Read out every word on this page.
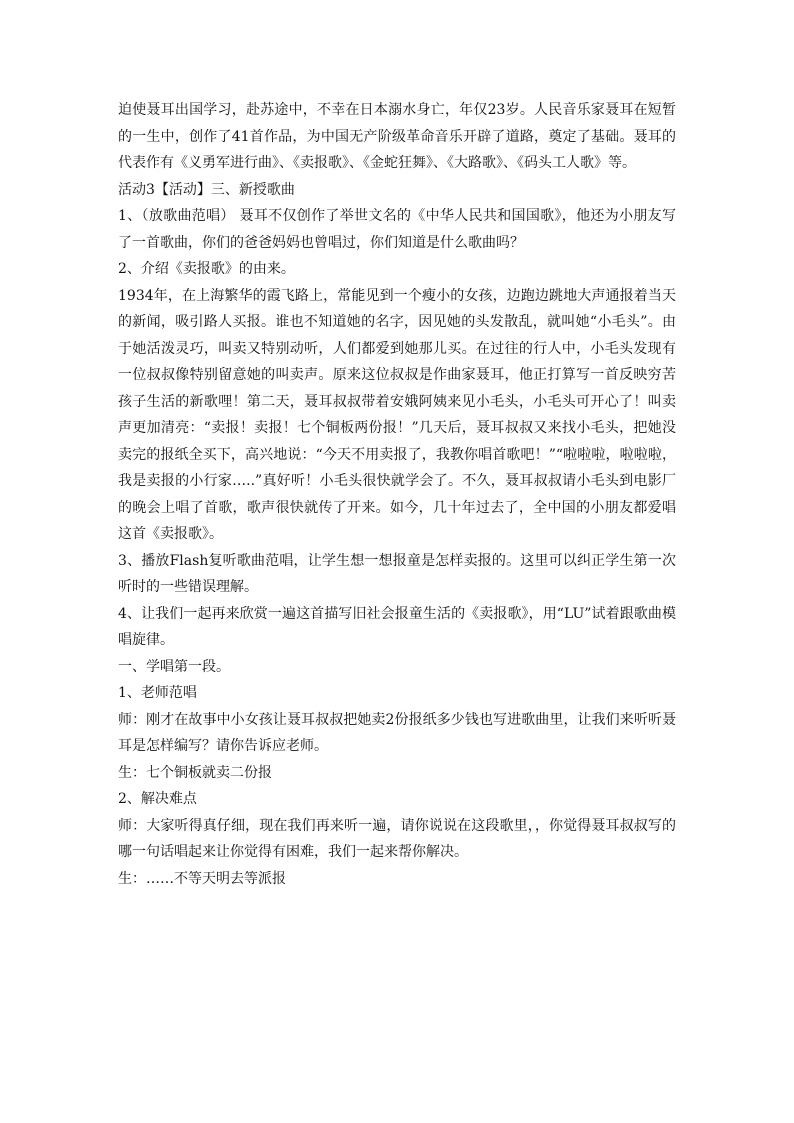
迫使聂耳出国学习，赴苏途中，不幸在日本溺水身亡，年仅23岁。人民音乐家聂耳在短暂的一生中，创作了41首作品，为中国无产阶级革命音乐开辟了道路，奠定了基础。聂耳的代表作有《义勇军进行曲》、《卖报歌》、《金蛇狂舞》、《大路歌》、《码头工人歌》等。

活动3【活动】三、新授歌曲

1、（放歌曲范唱） 聂耳不仅创作了举世文名的《中华人民共和国国歌》，他还为小朋友写了一首歌曲，你们的爸爸妈妈也曾唱过，你们知道是什么歌曲吗？

2、介绍《卖报歌》的由来。

1934年，在上海繁华的霞飞路上，常能见到一个瘦小的女孩，边跑边跳地大声通报着当天的新闻，吸引路人买报。谁也不知道她的名字，因见她的头发散乱，就叫她“小毛头”。由于她活泼灵巧，叫卖又特别动听，人们都爱到她那儿买。在过往的行人中，小毛头发现有一位叔叔像特别留意她的叫卖声。原来这位叔叔是作曲家聂耳，他正打算写一首反映穷苦孩子生活的新歌哩！第二天，聂耳叔叔带着安娥阿姨来见小毛头，小毛头可开心了！叫卖声更加清亮：“卖报！卖报！七个铜板两份报！”几天后，聂耳叔叔又来找小毛头，把她没卖完的报纸全买下，高兴地说：“今天不用卖报了，我教你唱首歌吧！”“啦啦啦，啦啦啦，我是卖报的小行家…..”真好听！小毛头很快就学会了。不久，聂耳叔叔请小毛头到电影厂的晚会上唱了首歌，歌声很快就传了开来。如今，几十年过去了，全中国的小朋友都爱唱这首《卖报歌》。

3、播放Flash复听歌曲范唱，让学生想一想报童是怎样卖报的。这里可以纠正学生第一次听时的一些错误理解。

4、让我们一起再来欣赏一遍这首描写旧社会报童生活的《卖报歌》，用“LU”试着跟歌曲模唱旋律。

一、学唱第一段。

1、老师范唱

师：刚才在故事中小女孩让聂耳叔叔把她卖2份报纸多少钱也写进歌曲里，让我们来听听聂耳是怎样编写？请你告诉应老师。

生：七个铜板就卖二份报

2、解决难点

师：大家听得真仔细，现在我们再来听一遍，请你说说在这段歌里，，你觉得聂耳叔叔写的哪一句话唱起来让你觉得有困难，我们一起来帮你解决。

生：……不等天明去等派报
